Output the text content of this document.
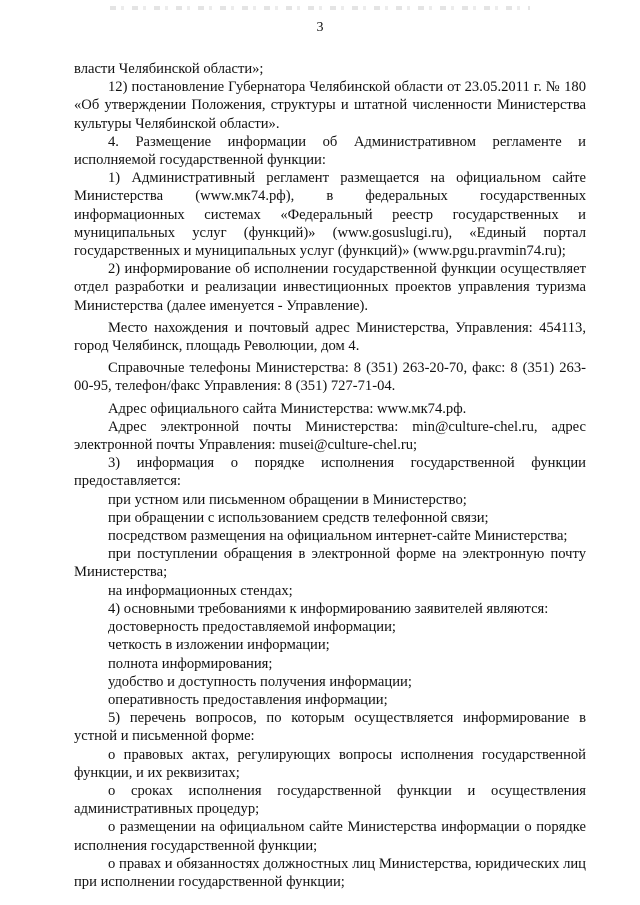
3

власти Челябинской области»;

12) постановление Губернатора Челябинской области от 23.05.2011 г. № 180 «Об утверждении Положения, структуры и штатной численности Министерства культуры Челябинской области».

4. Размещение информации об Административном регламенте и исполняемой государственной функции:

1) Административный регламент размещается на официальном сайте Министерства (www.мк74.рф), в федеральных государственных информационных системах «Федеральный реестр государственных и муниципальных услуг (функций)» (www.gosuslugi.ru), «Единый портал государственных и муниципальных услуг (функций)» (www.pgu.pravmin74.ru);

2) информирование об исполнении государственной функции осуществляет отдел разработки и реализации инвестиционных проектов управления туризма Министерства (далее именуется - Управление).

Место нахождения и почтовый адрес Министерства, Управления: 454113, город Челябинск, площадь Революции, дом 4.

Справочные телефоны Министерства: 8 (351) 263-20-70, факс: 8 (351) 263-00-95, телефон/факс Управления: 8 (351) 727-71-04.

Адрес официального сайта Министерства: www.мк74.рф.

Адрес электронной почты Министерства: min@culture-chel.ru, адрес электронной почты Управления: musei@culture-chel.ru;

3) информация о порядке исполнения государственной функции предоставляется:

при устном или письменном обращении в Министерство;

при обращении с использованием средств телефонной связи;

посредством размещения на официальном интернет-сайте Министерства;

при поступлении обращения в электронной форме на электронную почту Министерства;

на информационных стендах;

4) основными требованиями к информированию заявителей являются:

достоверность предоставляемой информации;

четкость в изложении информации;

полнота информирования;

удобство и доступность получения информации;

оперативность предоставления информации;

5) перечень вопросов, по которым осуществляется информирование в устной и письменной форме:

о правовых актах, регулирующих вопросы исполнения государственной функции, и их реквизитах;

о сроках исполнения государственной функции и осуществления административных процедур;

о размещении на официальном сайте Министерства информации о порядке исполнения государственной функции;

о правах и обязанностях должностных лиц Министерства, юридических лиц при исполнении государственной функции;
